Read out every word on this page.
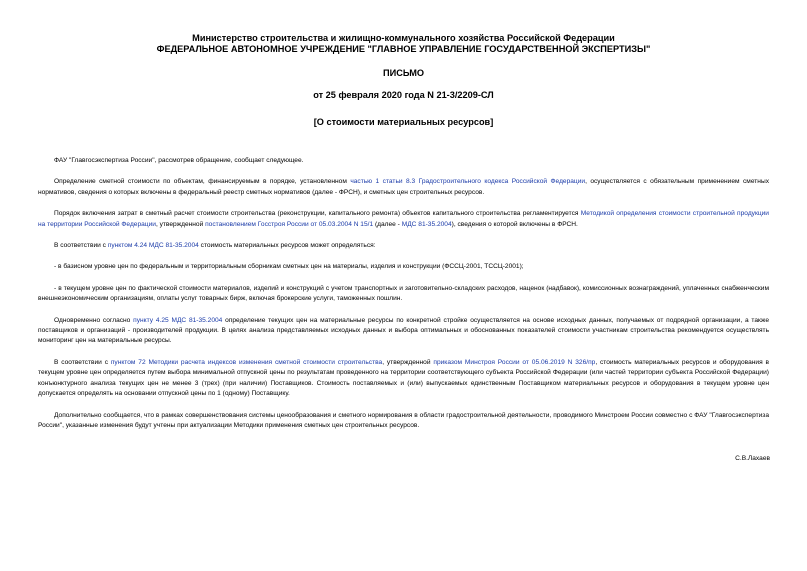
Министерство строительства и жилищно-коммунального хозяйства Российской Федерации
ФЕДЕРАЛЬНОЕ АВТОНОМНОЕ УЧРЕЖДЕНИЕ "ГЛАВНОЕ УПРАВЛЕНИЕ ГОСУДАРСТВЕННОЙ ЭКСПЕРТИЗЫ"
ПИСЬМО
от 25 февраля 2020 года N 21-3/2209-СЛ
[О стоимости материальных ресурсов]

ФАУ "Главгосэкспертиза России", рассмотрев обращение, сообщает следующее.

Определение сметной стоимости по объектам, финансируемым в порядке, установленном частью 1 статьи 8.3 Градостроительного кодекса Российской Федерации, осуществляется с обязательным применением сметных нормативов, сведения о которых включены в федеральный реестр сметных нормативов (далее - ФРСН), и сметных цен строительных ресурсов.

Порядок включения затрат в сметный расчет стоимости строительства (реконструкции, капитального ремонта) объектов капитального строительства регламентируется Методикой определения стоимости строительной продукции на территории Российской Федерации, утвержденной постановлением Госстроя России от 05.03.2004 N 15/1 (далее - МДС 81-35.2004), сведения о которой включены в ФРСН.

В соответствии с пунктом 4.24 МДС 81-35.2004 стоимость материальных ресурсов может определяться:

- в базисном уровне цен по федеральным и территориальным сборникам сметных цен на материалы, изделия и конструкции (ФССЦ-2001, ТССЦ-2001);

- в текущем уровне цен по фактической стоимости материалов, изделий и конструкций с учетом транспортных и заготовительно-складских расходов, наценок (надбавок), комиссионных вознаграждений, уплаченных снабженческим внешнеэкономическим организациям, оплаты услуг товарных бирж, включая брокерские услуги, таможенных пошлин.

Одновременно согласно пункту 4.25 МДС 81-35.2004 определение текущих цен на материальные ресурсы по конкретной стройке осуществляется на основе исходных данных, получаемых от подрядной организации, а также поставщиков и организаций - производителей продукции. В целях анализа представляемых исходных данных и выбора оптимальных и обоснованных показателей стоимости участникам строительства рекомендуется осуществлять мониторинг цен на материальные ресурсы.

В соответствии с пунктом 72 Методики расчета индексов изменения сметной стоимости строительства, утвержденной приказом Минстроя России от 05.06.2019 N 326/пр, стоимость материальных ресурсов и оборудования в текущем уровне цен определяется путем выбора минимальной отпускной цены по результатам проведенного на территории соответствующего субъекта Российской Федерации (или частей территории субъекта Российской Федерации) конъюнктурного анализа текущих цен не менее 3 (трех) (при наличии) Поставщиков. Стоимость поставляемых и (или) выпускаемых единственным Поставщиком материальных ресурсов и оборудования в текущем уровне цен допускается определять на основании отпускной цены по 1 (одному) Поставщику.

Дополнительно сообщается, что в рамках совершенствования системы ценообразования и сметного нормирования в области градостроительной деятельности, проводимого Минстроем России совместно с ФАУ "Главгосэкспертиза России", указанные изменения будут учтены при актуализации Методики применения сметных цен строительных ресурсов.

С.В.Лахаев
